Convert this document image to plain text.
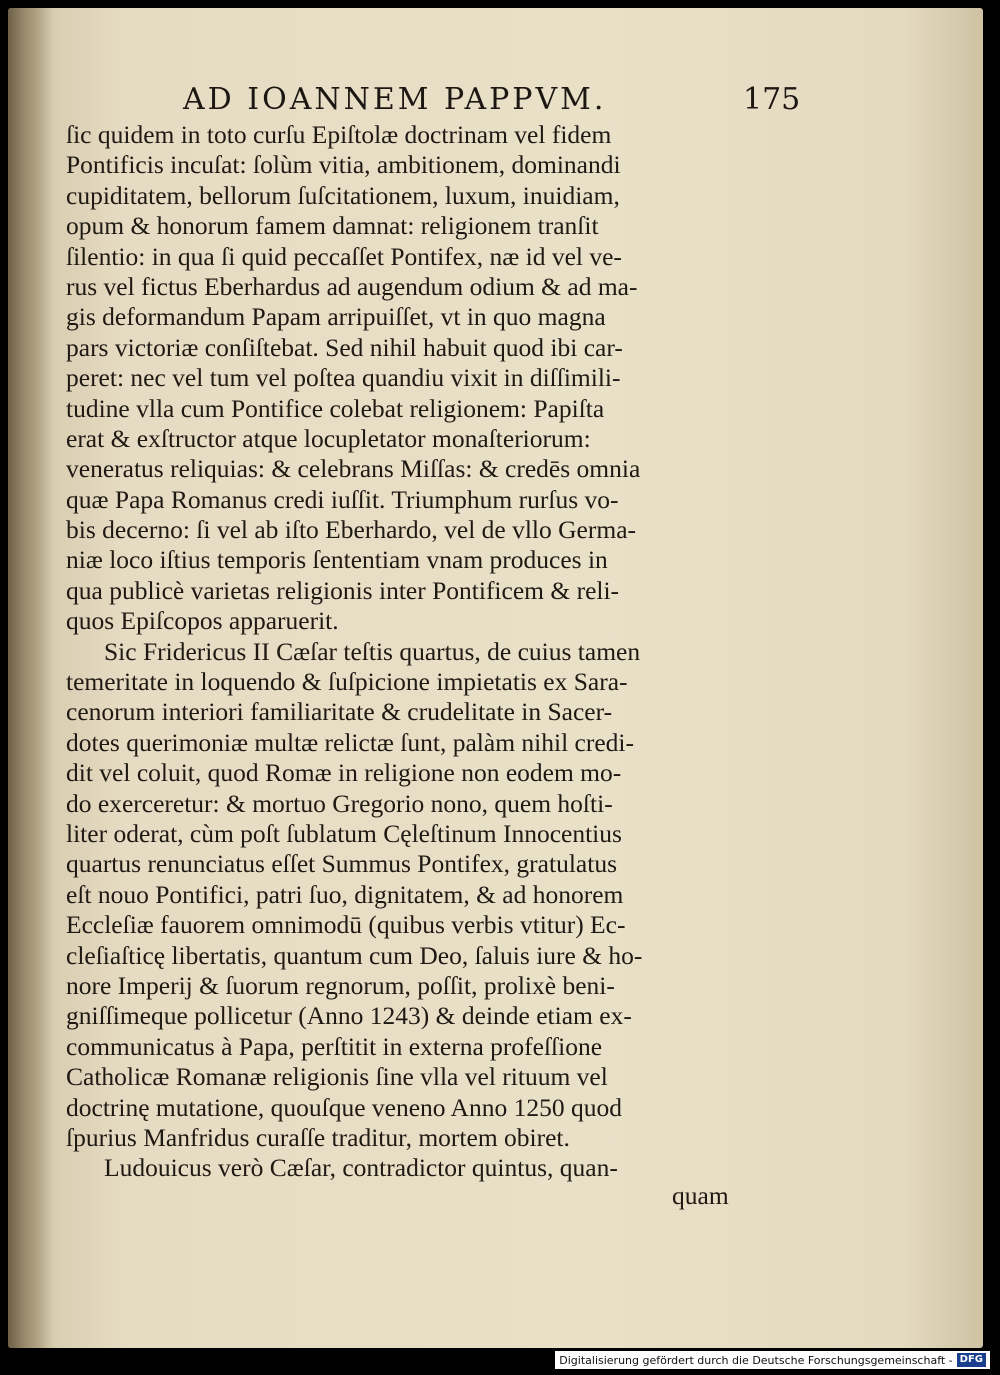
AD IOANNEM PAPPVM.	175
ſic quidem in toto curſu Epiſtolæ doctrinam vel fidem
Pontificis incuſat: ſolùm vitia, ambitionem, dominandi
cupiditatem, bellorum ſuſcitationem, luxum, inuidiam,
opum & honorum famem damnat: religionem tranſit
ſilentio: in qua ſi quid peccaſſet Pontifex, næ id vel ve-
rus vel fictus Eberhardus ad augendum odium & ad ma-
gis deformandum Papam arripuiſſet, vt in quo magna
pars victoriæ conſiſtebat. Sed nihil habuit quod ibi car-
peret: nec vel tum vel poſtea quandiu vixit in diſſimili-
tudine vlla cum Pontifice colebat religionem: Papiſta
erat & exſtructor atque locupletator monaſteriorum:
veneratus reliquias: & celebrans Miſſas: & credēs omnia
quæ Papa Romanus credi iuſſit. Triumphum rurſus vo-
bis decerno: ſi vel ab iſto Eberhardo, vel de vllo Germa-
niæ loco iſtius temporis ſententiam vnam produces in
qua publicè varietas religionis inter Pontificem & reli-
quos Epiſcopos apparuerit.
Sic Fridericus II Cæſar teſtis quartus, de cuius tamen
temeritate in loquendo & ſuſpicione impietatis ex Sara-
cenorum interiori familiaritate & crudelitate in Sacer-
dotes querimoniæ multæ relictæ ſunt, palàm nihil credi-
dit vel coluit, quod Romæ in religione non eodem mo-
do exerceretur: & mortuo Gregorio nono, quem hoſti-
liter oderat, cùm poſt ſublatum Cęleſtinum Innocentius
quartus renunciatus eſſet Summus Pontifex, gratulatus
eſt nouo Pontifici, patri ſuo, dignitatem, & ad honorem
Eccleſiæ fauorem omnimodū (quibus verbis vtitur) Ec-
cleſiaſticę libertatis, quantum cum Deo, ſaluis iure & ho-
nore Imperij & ſuorum regnorum, poſſit, prolixè beni-
gniſſimeque pollicetur (Anno 1243) & deinde etiam ex-
communicatus à Papa, perſtitit in externa profeſſione
Catholicæ Romanæ religionis ſine vlla vel rituum vel
doctrinę mutatione, quouſque veneno Anno 1250 quod
ſpurius Manfridus curaſſe traditur, mortem obiret.
Ludouicus verò Cæſar, contradictor quintus, quan-
quam
Digitalisierung gefördert durch die Deutsche Forschungsgemeinschaft - DFG
